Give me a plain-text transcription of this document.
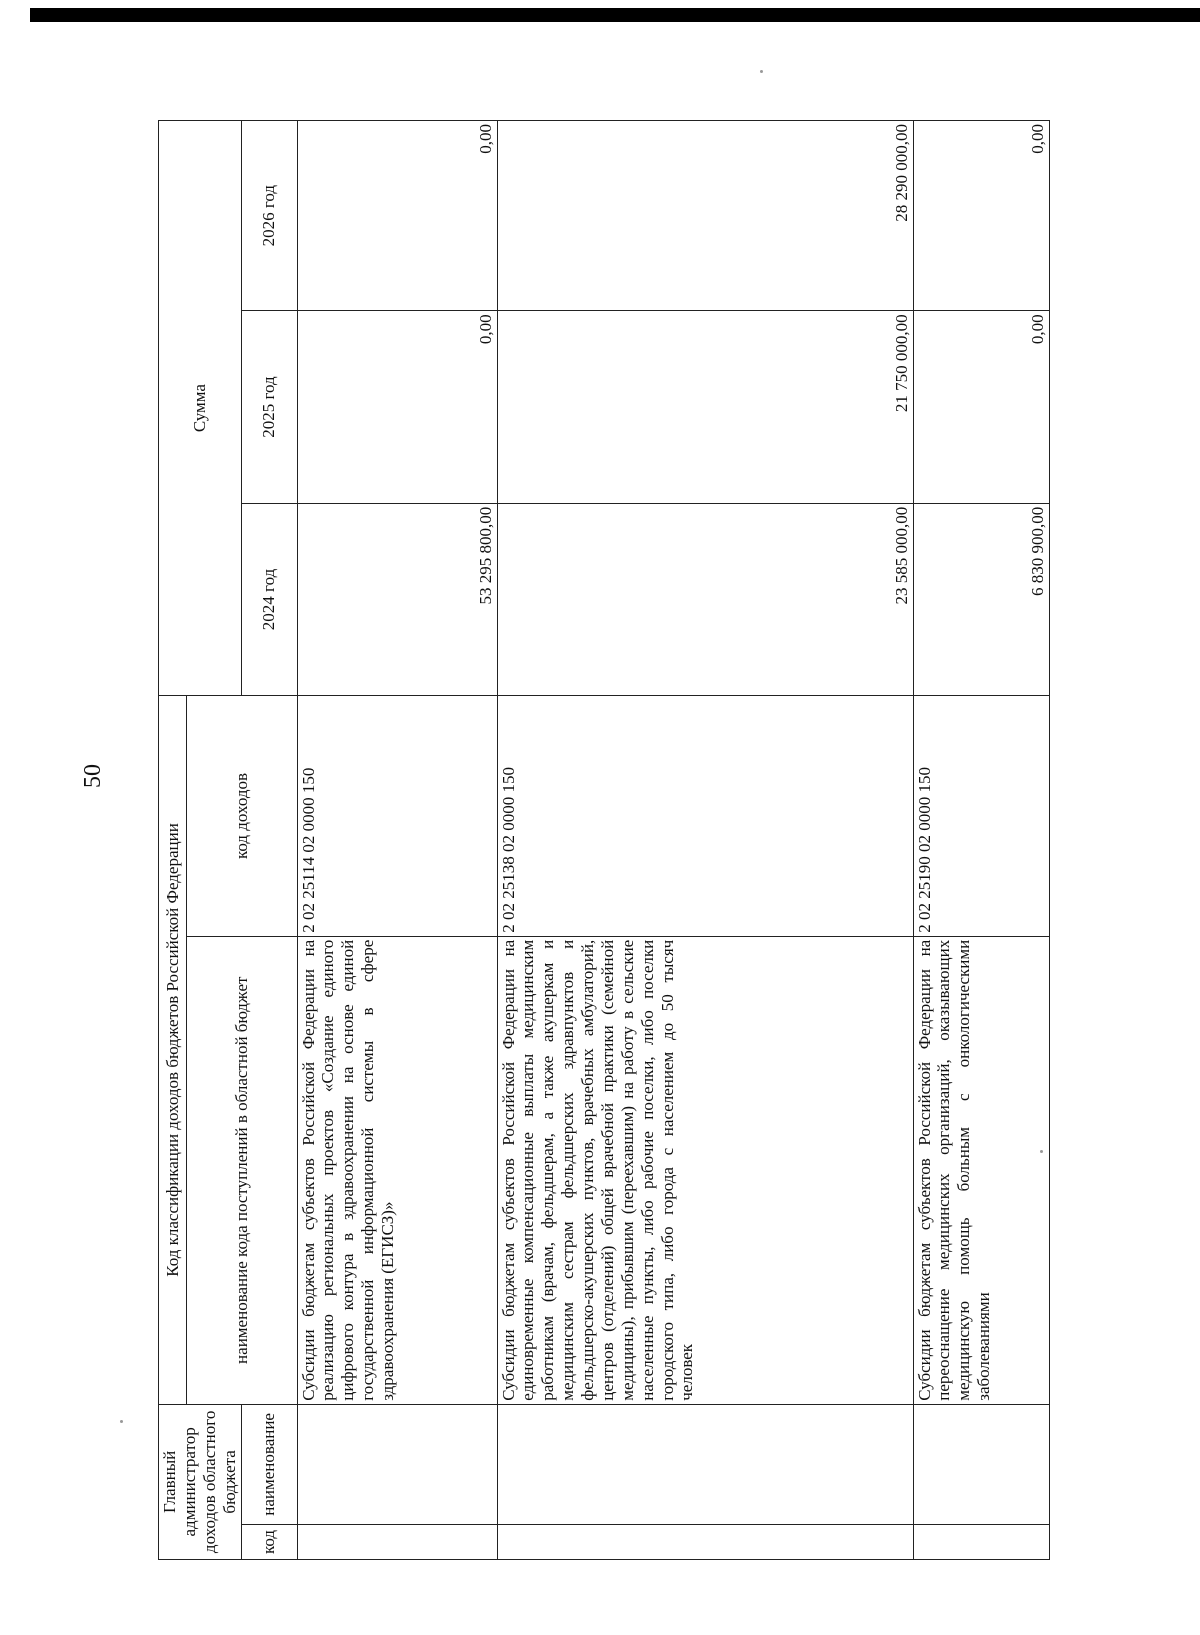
50
Главный администратор доходов областного бюджета		Код классификации доходов бюджетов Российской Федерации		Сумма		
		наименование кода поступлений в областной бюджет	код доходов			
код	наименование			2024 год	2025 год	2026 год
		Субсидии бюджетам субъектов Российской Федерации на реализацию региональных проектов «Создание единого цифрового контура в здравоохранении на основе единой государственной информационной системы в сфере здравоохранения (ЕГИСЗ)»	2 02 25114 02 0000 150	53 295 800,00	0,00	0,00
		Субсидии бюджетам субъектов Российской Федерации на единовременные компенсационные выплаты медицинским работникам (врачам, фельдшерам, а также акушеркам и медицинским сестрам фельдшерских здравпунктов и фельдшерско-акушерских пунктов, врачебных амбулаторий, центров (отделений) общей врачебной практики (семейной медицины), прибывшим (переехавшим) на работу в сельские населенные пункты, либо рабочие поселки, либо поселки городского типа, либо города с населением до 50 тысяч человек	2 02 25138 02 0000 150	23 585 000,00	21 750 000,00	28 290 000,00
		Субсидии бюджетам субъектов Российской Федерации на переоснащение медицинских организаций, оказывающих медицинскую помощь больным с онкологическими заболеваниями	2 02 25190 02 0000 150	6 830 900,00	0,00	0,00
